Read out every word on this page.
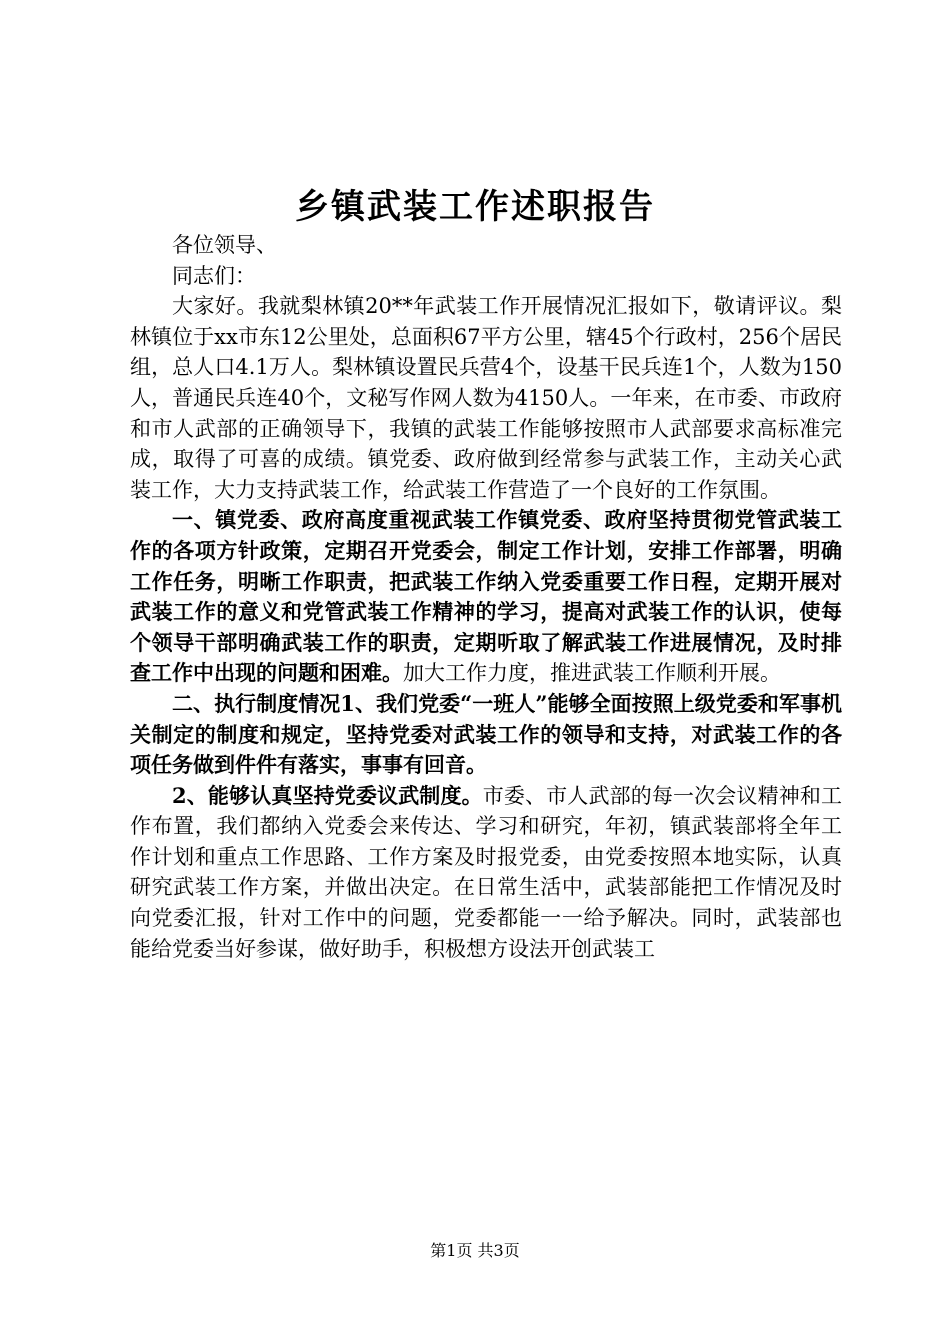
乡镇武装工作述职报告

各位领导、

同志们：

大家好。我就梨林镇20**年武装工作开展情况汇报如下，敬请评议。梨林镇位于xx市东12公里处，总面积67平方公里，辖45个行政村，256个居民组，总人口4.1万人。梨林镇设置民兵营4个，设基干民兵连1个，人数为150人，普通民兵连40个，文秘写作网人数为4150人。一年来，在市委、市政府和市人武部的正确领导下，我镇的武装工作能够按照市人武部要求高标准完成，取得了可喜的成绩。镇党委、政府做到经常参与武装工作，主动关心武装工作，大力支持武装工作，给武装工作营造了一个良好的工作氛围。

一、镇党委、政府高度重视武装工作镇党委、政府坚持贯彻党管武装工作的各项方针政策，定期召开党委会，制定工作计划，安排工作部署，明确工作任务，明晰工作职责，把武装工作纳入党委重要工作日程，定期开展对武装工作的意义和党管武装工作精神的学习，提高对武装工作的认识，使每个领导干部明确武装工作的职责，定期听取了解武装工作进展情况，及时排查工作中出现的问题和困难。加大工作力度，推进武装工作顺利开展。

二、执行制度情况1、我们党委“一班人”能够全面按照上级党委和军事机关制定的制度和规定，坚持党委对武装工作的领导和支持，对武装工作的各项任务做到件件有落实，事事有回音。

2、能够认真坚持党委议武制度。市委、市人武部的每一次会议精神和工作布置，我们都纳入党委会来传达、学习和研究，年初，镇武装部将全年工作计划和重点工作思路、工作方案及时报党委，由党委按照本地实际，认真研究武装工作方案，并做出决定。在日常生活中，武装部能把工作情况及时向党委汇报，针对工作中的问题，党委都能一一给予解决。同时，武装部也能给党委当好参谋，做好助手，积极想方设法开创武装工

第1页 共3页
